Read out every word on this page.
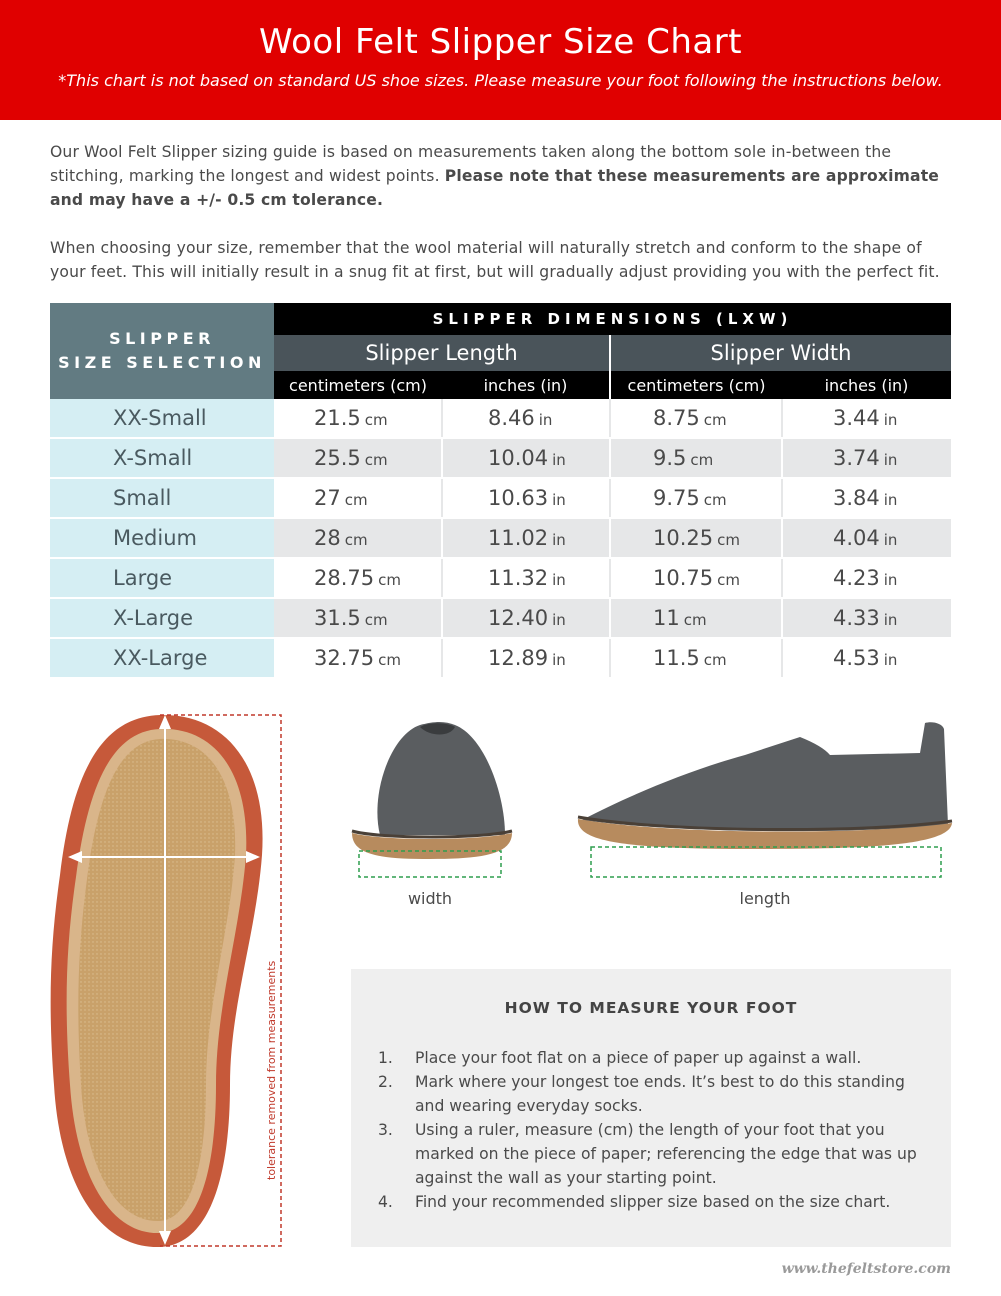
Wool Felt Slipper Size Chart
*This chart is not based on standard US shoe sizes. Please measure your foot following the instructions below.

Our Wool Felt Slipper sizing guide is based on measurements taken along the bottom sole in-between the stitching, marking the longest and widest points. Please note that these measurements are approximate and may have a +/- 0.5 cm tolerance.

When choosing your size, remember that the wool material will naturally stretch and conform to the shape of your feet. This will initially result in a snug fit at first, but will gradually adjust providing you with the perfect fit.

SLIPPER
SIZE SELECTION	SLIPPER DIMENSIONS (LXW)			
	Slipper Length		Slipper Width	
	centimeters (cm)	inches (in)	centimeters (cm)	inches (in)
XX-Small	21.5 cm	8.46 in	8.75 cm	3.44 in
X-Small	25.5 cm	10.04 in	9.5 cm	3.74 in
Small	27 cm	10.63 in	9.75 cm	3.84 in
Medium	28 cm	11.02 in	10.25 cm	4.04 in
Large	28.75 cm	11.32 in	10.75 cm	4.23 in
X-Large	31.5 cm	12.40 in	11 cm	4.33 in
XX-Large	32.75 cm	12.89 in	11.5 cm	4.53 in
tolerance removed from measurements
width	length
HOW TO MEASURE YOUR FOOT
1. Place your foot flat on a piece of paper up against a wall.
2. Mark where your longest toe ends. It’s best to do this standing and wearing everyday socks.
3. Using a ruler, measure (cm) the length of your foot that you marked on the piece of paper; referencing the edge that was up against the wall as your starting point.
4. Find your recommended slipper size based on the size chart.
www.thefeltstore.com
